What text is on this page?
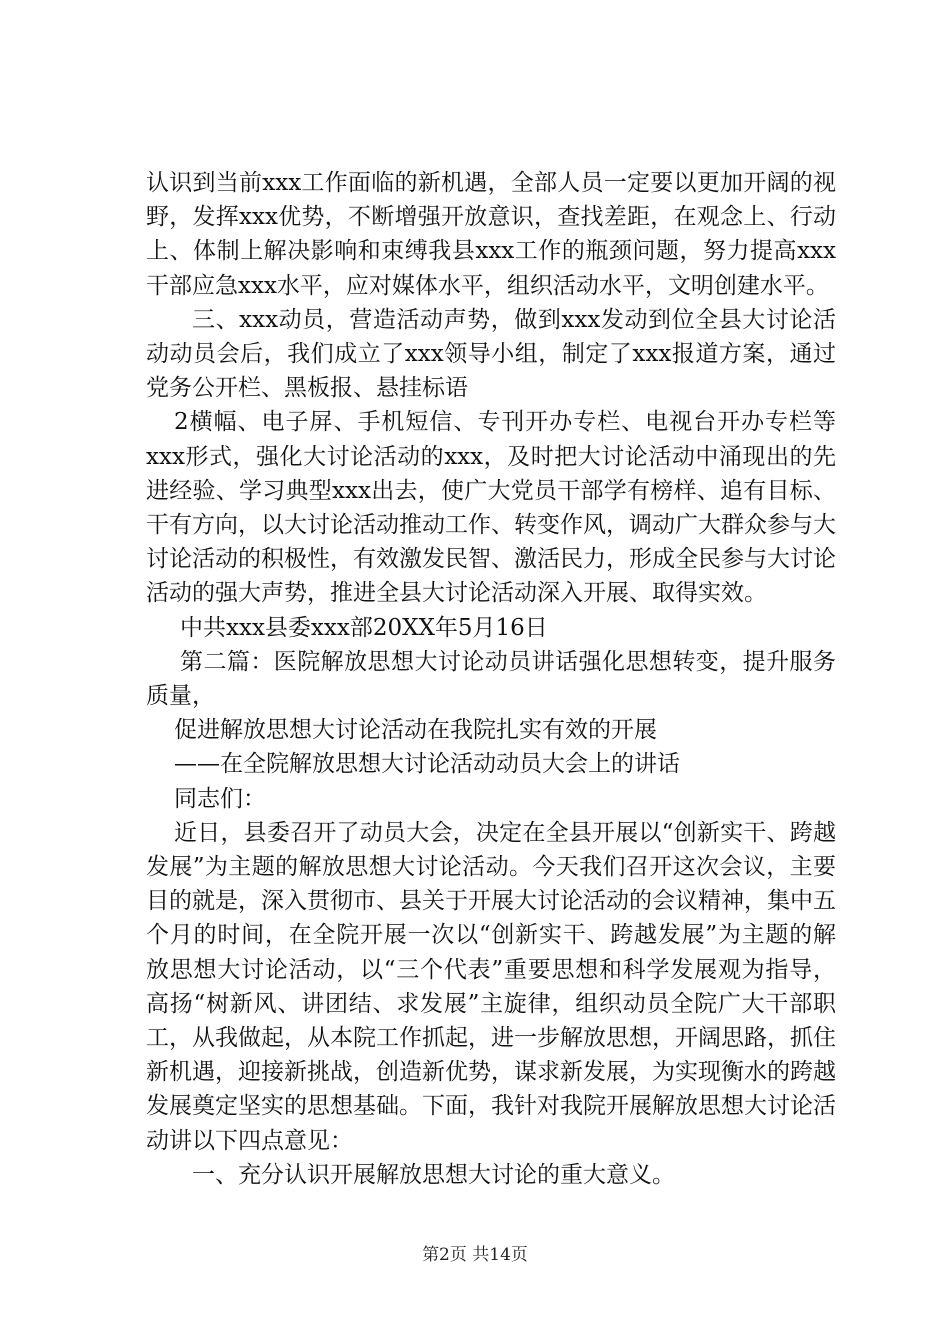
认识到当前xxx工作面临的新机遇，全部人员一定要以更加开阔的视野，发挥xxx优势，不断增强开放意识，查找差距，在观念上、行动上、体制上解决影响和束缚我县xxx工作的瓶颈问题，努力提高xxx干部应急xxx水平，应对媒体水平，组织活动水平，文明创建水平。

三、xxx动员，营造活动声势，做到xxx发动到位全县大讨论活动动员会后，我们成立了xxx领导小组，制定了xxx报道方案，通过党务公开栏、黑板报、悬挂标语

2横幅、电子屏、手机短信、专刊开办专栏、电视台开办专栏等xxx形式，强化大讨论活动的xxx，及时把大讨论活动中涌现出的先进经验、学习典型xxx出去，使广大党员干部学有榜样、追有目标、干有方向，以大讨论活动推动工作、转变作风，调动广大群众参与大讨论活动的积极性，有效激发民智、激活民力，形成全民参与大讨论活动的强大声势，推进全县大讨论活动深入开展、取得实效。

中共xxx县委xxx部20XX年5月16日

第二篇：医院解放思想大讨论动员讲话强化思想转变，提升服务质量，

促进解放思想大讨论活动在我院扎实有效的开展

——在全院解放思想大讨论活动动员大会上的讲话

同志们：

近日，县委召开了动员大会，决定在全县开展以“创新实干、跨越发展”为主题的解放思想大讨论活动。今天我们召开这次会议，主要目的就是，深入贯彻市、县关于开展大讨论活动的会议精神，集中五个月的时间，在全院开展一次以“创新实干、跨越发展”为主题的解放思想大讨论活动，以“三个代表”重要思想和科学发展观为指导，高扬“树新风、讲团结、求发展”主旋律，组织动员全院广大干部职工，从我做起，从本院工作抓起，进一步解放思想，开阔思路，抓住新机遇，迎接新挑战，创造新优势，谋求新发展，为实现衡水的跨越发展奠定坚实的思想基础。下面，我针对我院开展解放思想大讨论活动讲以下四点意见：

一、充分认识开展解放思想大讨论的重大意义。

第2页 共14页
